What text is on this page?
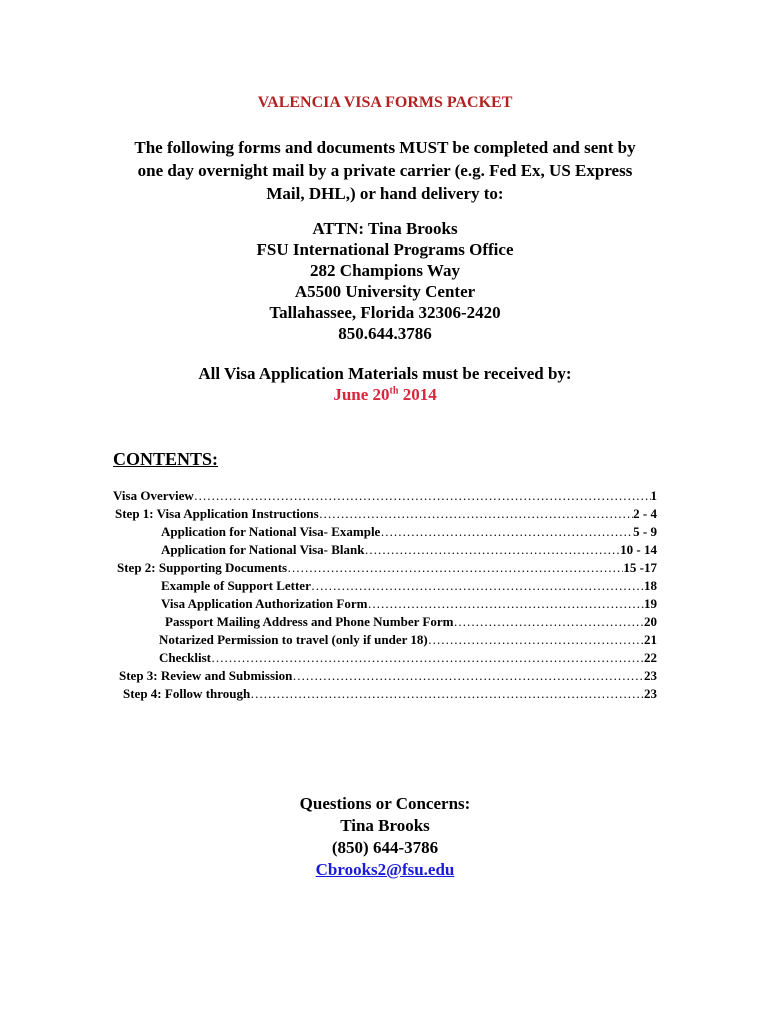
VALENCIA VISA FORMS PACKET
The following forms and documents MUST be completed and sent by
one day overnight mail by a private carrier (e.g. Fed Ex, US Express
Mail, DHL,) or hand delivery to:
ATTN: Tina Brooks
FSU International Programs Office
282 Champions Way
A5500 University Center
Tallahassee, Florida 32306-2420
850.644.3786
All Visa Application Materials must be received by:
June 20th 2014
CONTENTS:
Visa Overview ……………………………………………………………………………………………………………………………………………………………………………………………………………………	1
Step 1: Visa Application Instructions ……………………………………………………………………………………………………………………………………………………………………………………………………………………	2 - 4
Application for National Visa- Example ……………………………………………………………………………………………………………………………………………………………………………………………………………………	5 - 9
Application for National Visa- Blank ……………………………………………………………………………………………………………………………………………………………………………………………………………………	10 - 14
Step 2: Supporting Documents ……………………………………………………………………………………………………………………………………………………………………………………………………………………	15 -17
Example of Support Letter ……………………………………………………………………………………………………………………………………………………………………………………………………………………	18
Visa Application Authorization Form ……………………………………………………………………………………………………………………………………………………………………………………………………………………	19
Passport Mailing Address and Phone Number Form ……………………………………………………………………………………………………………………………………………………………………………………………………………………	20
Notarized Permission to travel (only if under 18) ……………………………………………………………………………………………………………………………………………………………………………………………………………………	21
Checklist ……………………………………………………………………………………………………………………………………………………………………………………………………………………	22
Step 3: Review and Submission ……………………………………………………………………………………………………………………………………………………………………………………………………………………	23
Step 4: Follow through ……………………………………………………………………………………………………………………………………………………………………………………………………………………	23
Questions or Concerns:
Tina Brooks
(850) 644-3786
Cbrooks2@fsu.edu
